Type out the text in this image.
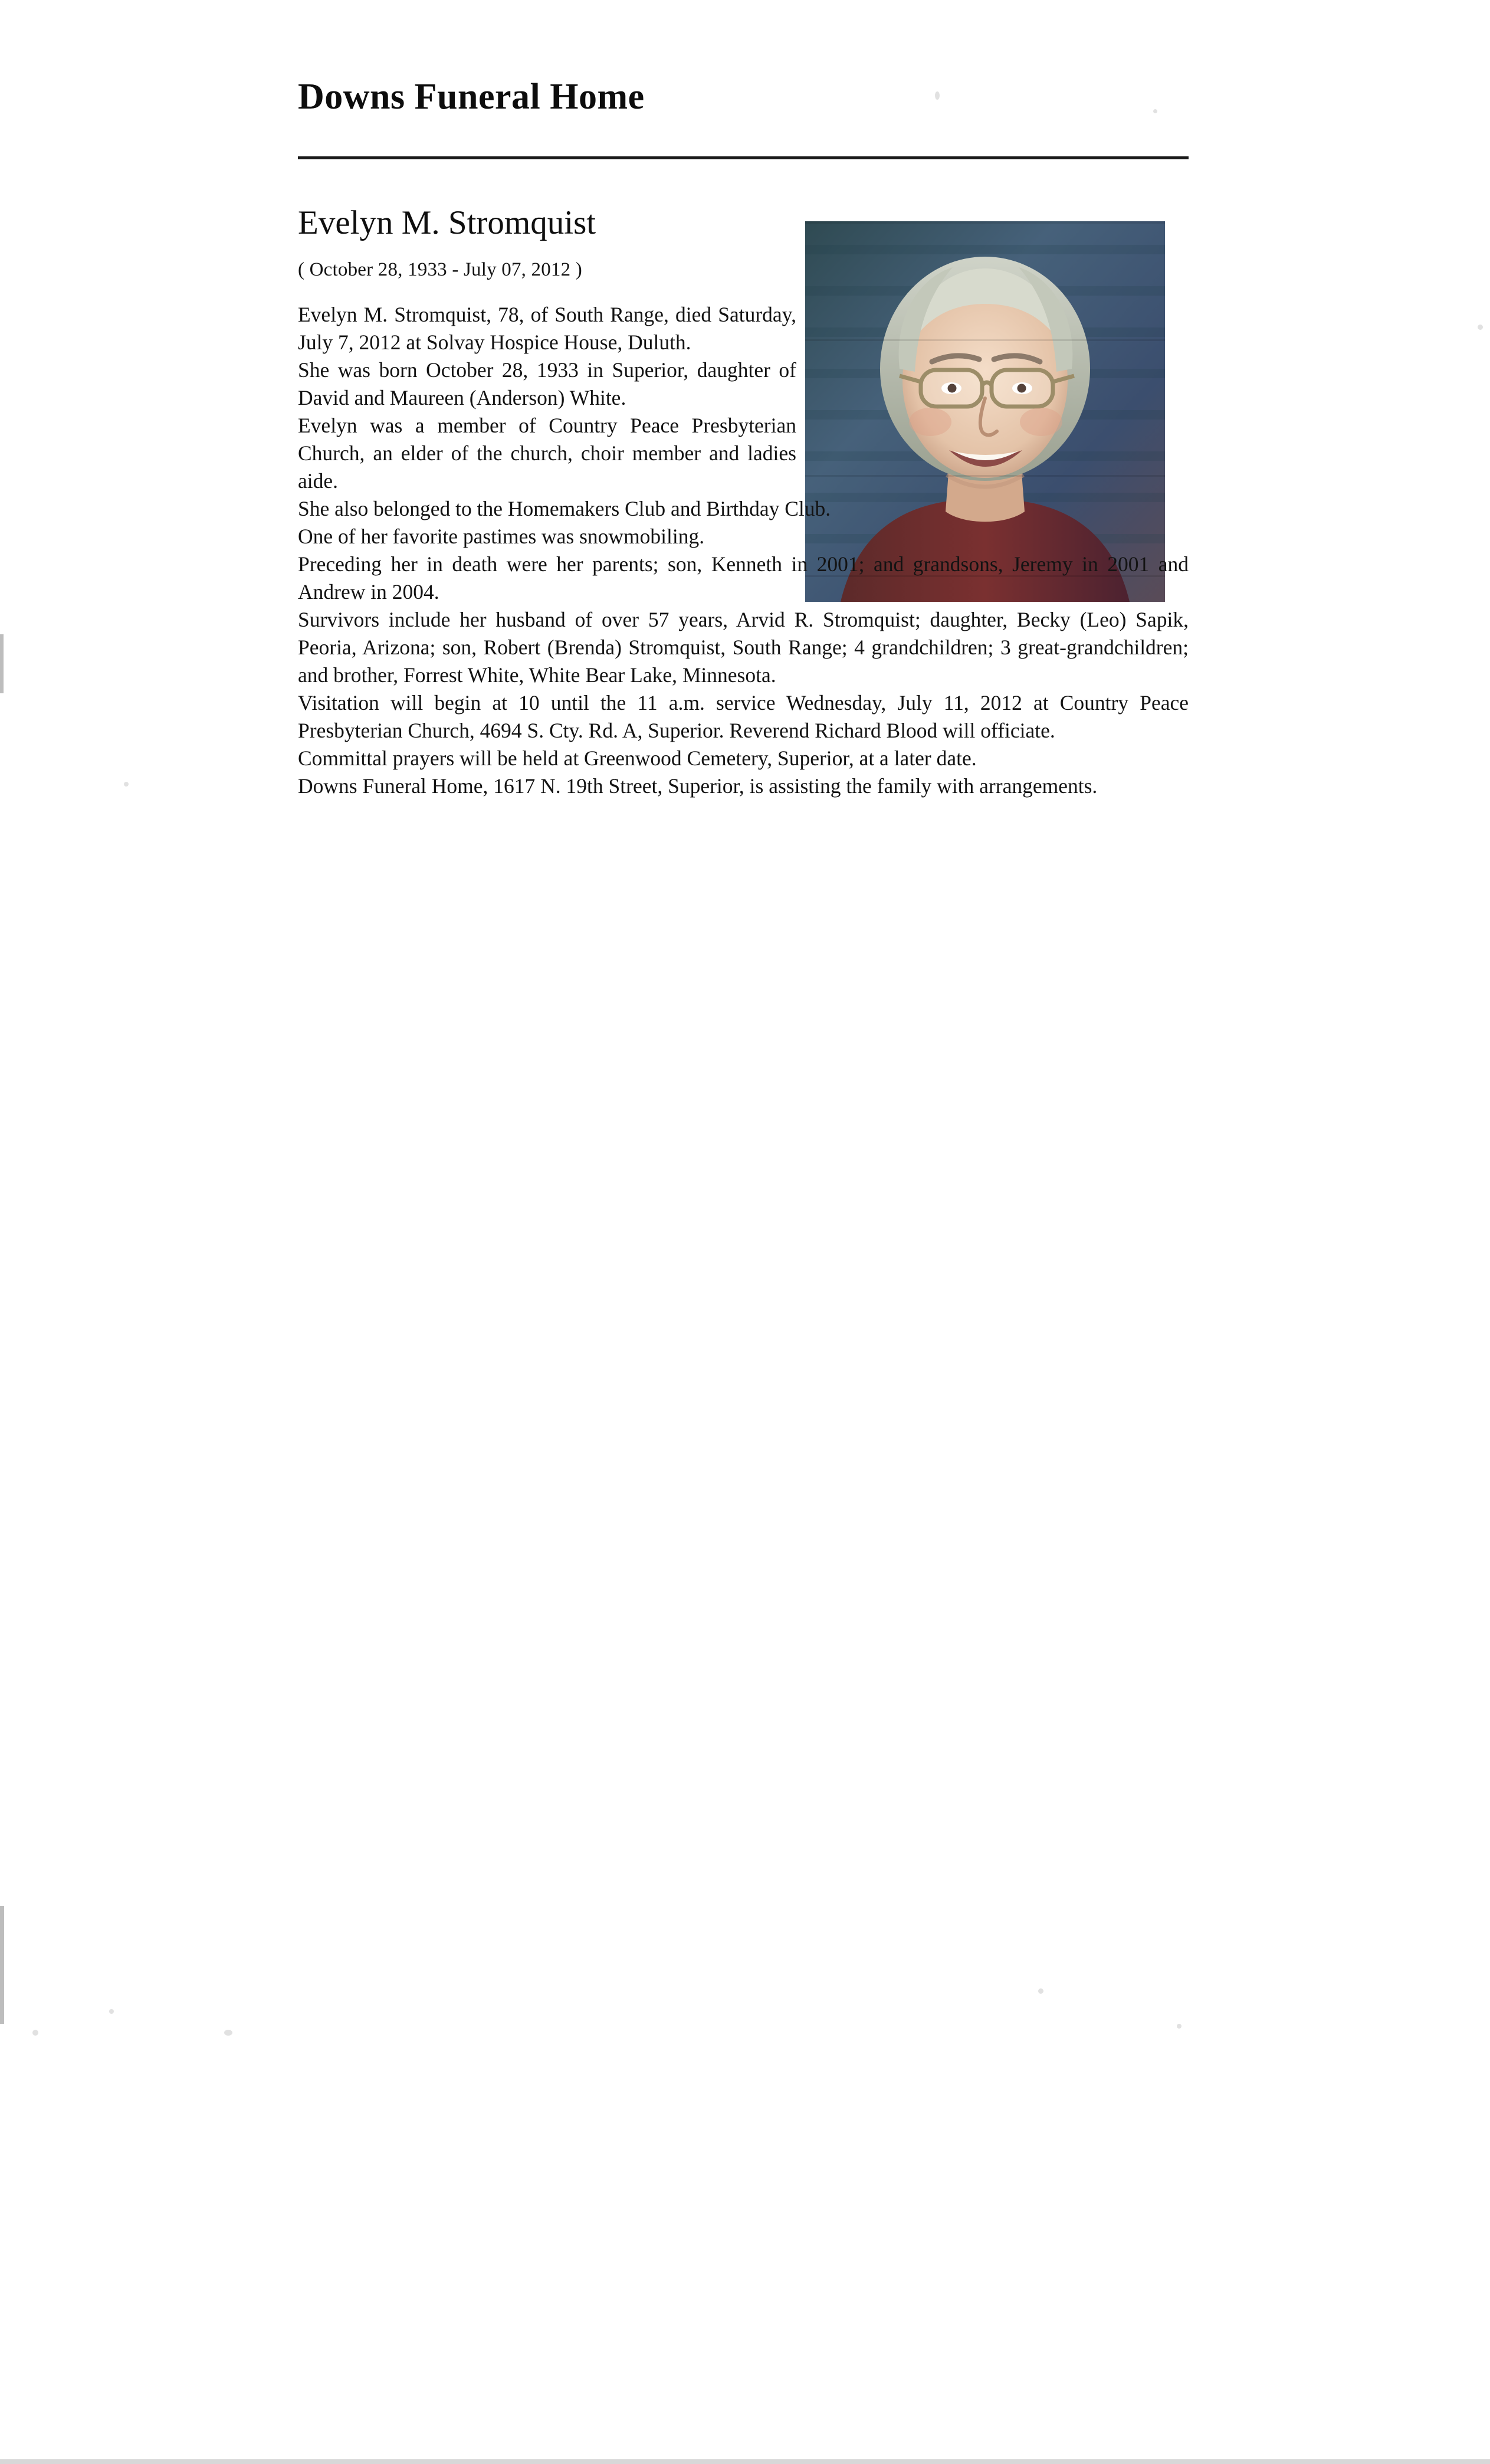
Downs Funeral Home
Evelyn M. Stromquist
( October 28, 1933 - July 07, 2012 )

Evelyn M. Stromquist, 78, of South Range, died Saturday, July 7, 2012 at Solvay Hospice House, Duluth.

She was born October 28, 1933 in Superior, daughter of David and Maureen (Anderson) White.

Evelyn was a member of Country Peace Presbyterian Church, an elder of the church, choir member and ladies aide.

She also belonged to the Homemakers Club and Birthday Club.

One of her favorite pastimes was snowmobiling.

Preceding her in death were her parents; son, Kenneth in 2001; and grandsons, Jeremy in 2001 and Andrew in 2004.

Survivors include her husband of over 57 years, Arvid R. Stromquist; daughter, Becky (Leo) Sapik, Peoria, Arizona; son, Robert (Brenda) Stromquist, South Range; 4 grandchildren; 3 great-grandchildren; and brother, Forrest White, White Bear Lake, Minnesota.

Visitation will begin at 10 until the 11 a.m. service Wednesday, July 11, 2012 at Country Peace Presbyterian Church, 4694 S. Cty. Rd. A, Superior. Reverend Richard Blood will officiate.

Committal prayers will be held at Greenwood Cemetery, Superior, at a later date.

Downs Funeral Home, 1617 N. 19th Street, Superior, is assisting the family with arrangements.
